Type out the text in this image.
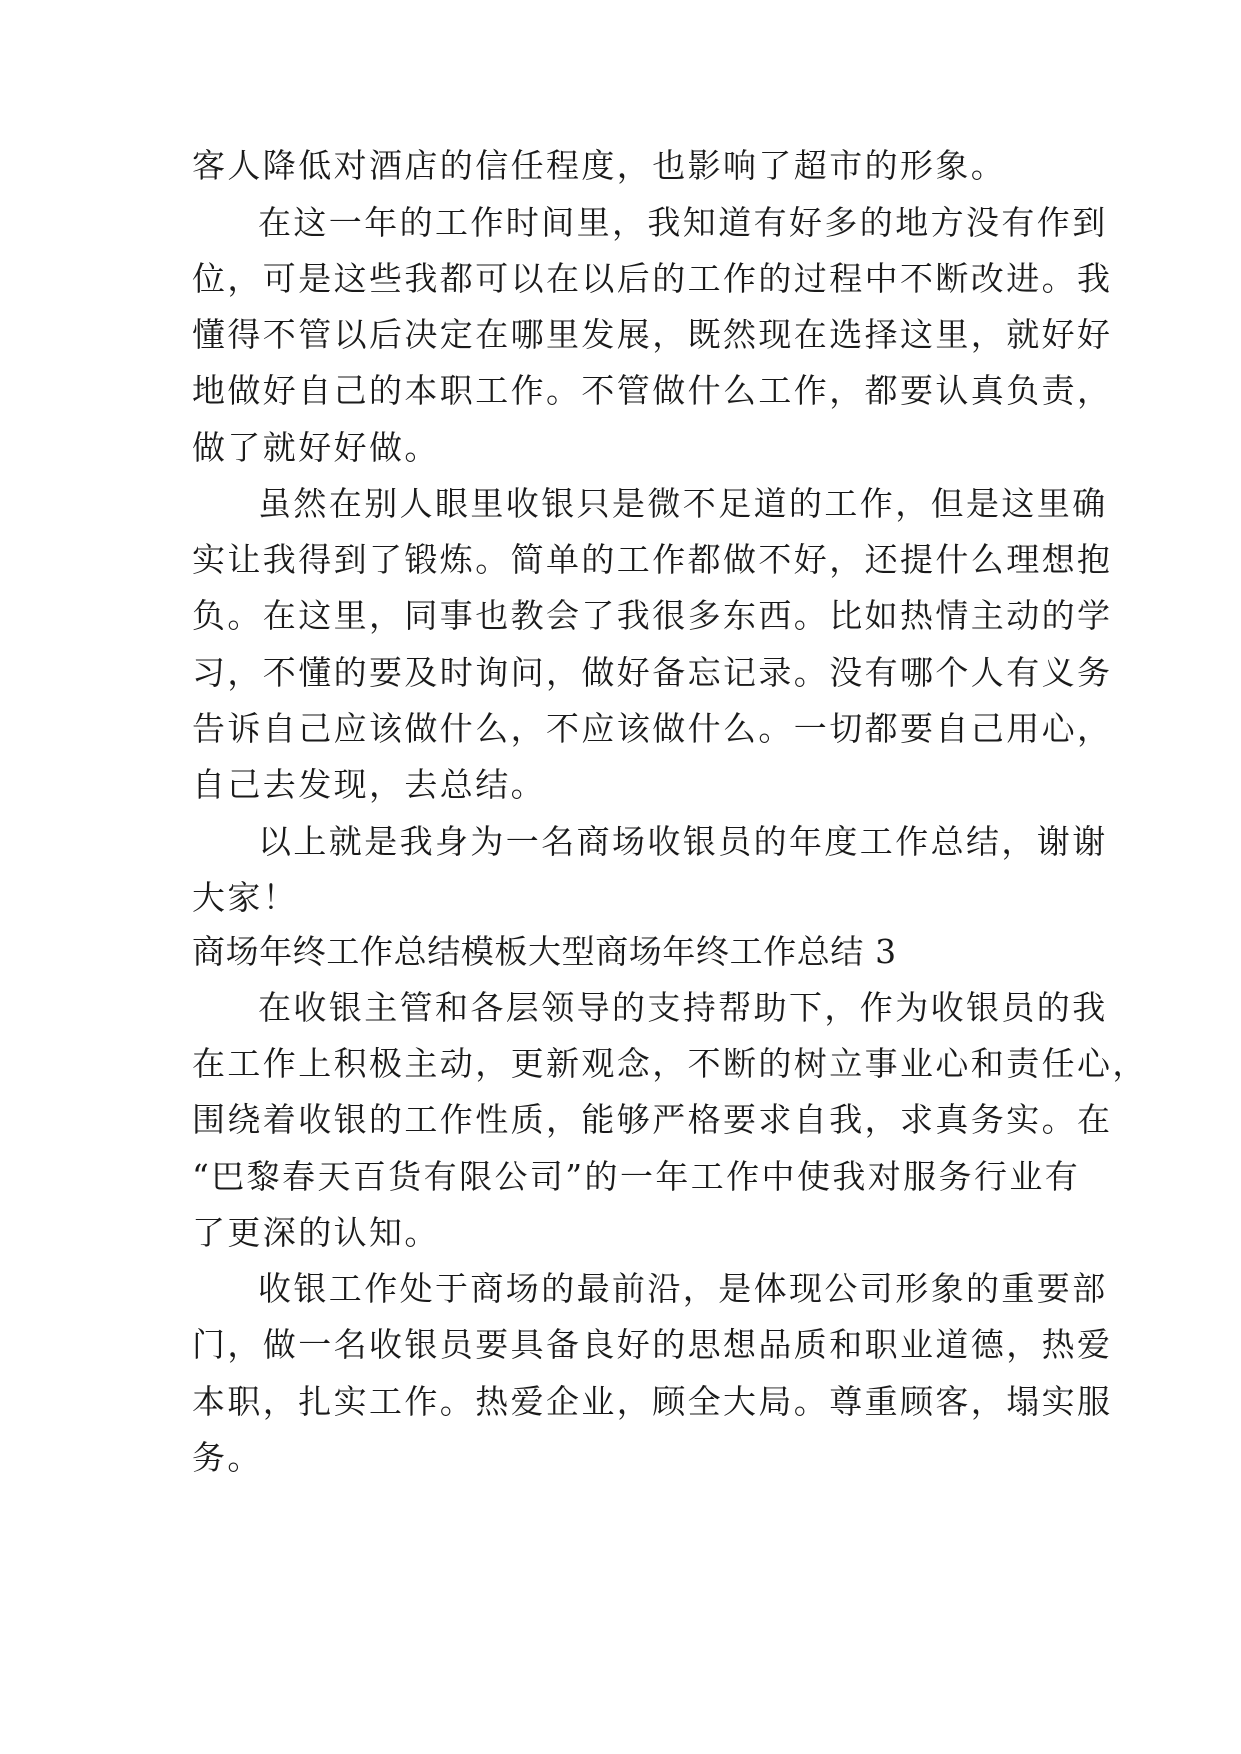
客人降低对酒店的信任程度，也影响了超市的形象。
在这一年的工作时间里，我知道有好多的地方没有作到
位，可是这些我都可以在以后的工作的过程中不断改进。我
懂得不管以后决定在哪里发展，既然现在选择这里，就好好
地做好自己的本职工作。不管做什么工作，都要认真负责，
做了就好好做。
虽然在别人眼里收银只是微不足道的工作，但是这里确
实让我得到了锻炼。简单的工作都做不好，还提什么理想抱
负。在这里，同事也教会了我很多东西。比如热情主动的学
习，不懂的要及时询问，做好备忘记录。没有哪个人有义务
告诉自己应该做什么，不应该做什么。一切都要自己用心，
自己去发现，去总结。
以上就是我身为一名商场收银员的年度工作总结，谢谢
大家！
商场年终工作总结模板大型商场年终工作总结 3
在收银主管和各层领导的支持帮助下，作为收银员的我
在工作上积极主动，更新观念，不断的树立事业心和责任心，
围绕着收银的工作性质，能够严格要求自我，求真务实。在
“巴黎春天百货有限公司”的一年工作中使我对服务行业有
了更深的认知。
收银工作处于商场的最前沿，是体现公司形象的重要部
门，做一名收银员要具备良好的思想品质和职业道德，热爱
本职，扎实工作。热爱企业，顾全大局。尊重顾客，塌实服
务。
